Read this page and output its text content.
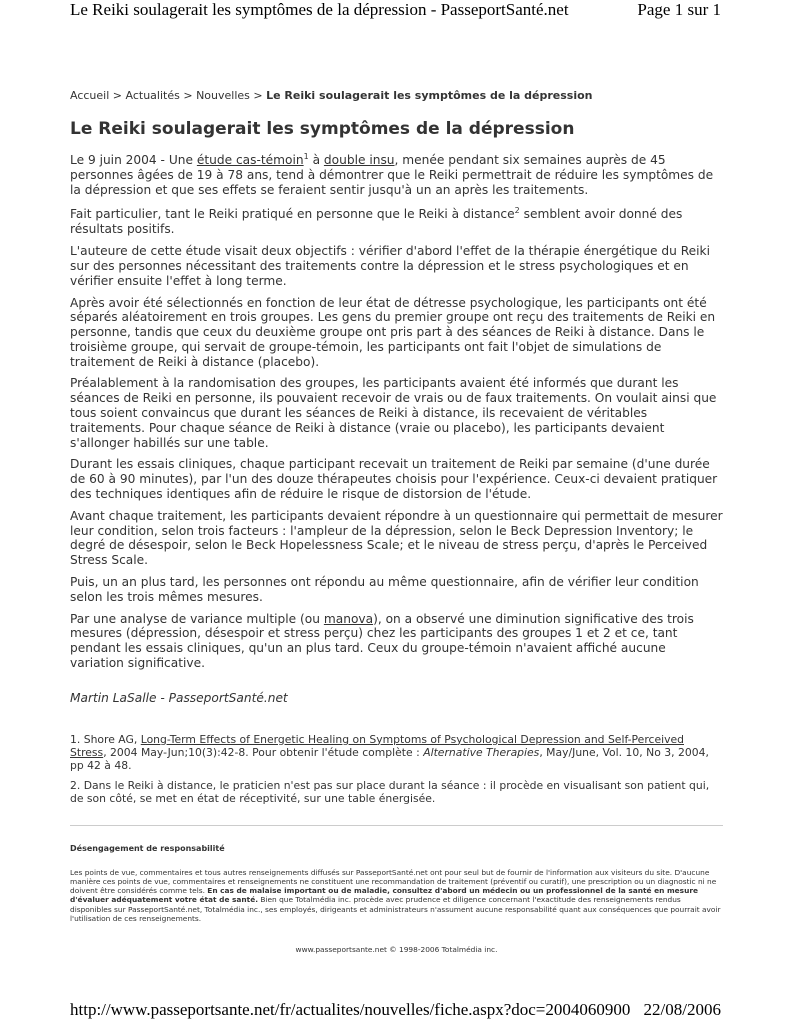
Le Reiki soulagerait les symptômes de la dépression - PasseportSanté.net	Page 1 sur 1
Accueil > Actualités > Nouvelles > Le Reiki soulagerait les symptômes de la dépression
Le Reiki soulagerait les symptômes de la dépression

Le 9 juin 2004 - Une étude cas-témoin$^1$ à double insu, menée pendant six semaines auprès de 45 personnes âgées de 19 à 78 ans, tend à démontrer que le Reiki permettrait de réduire les symptômes de la dépression et que ses effets se feraient sentir jusqu'à un an après les traitements.

Fait particulier, tant le Reiki pratiqué en personne que le Reiki à distance$^2$ semblent avoir donné des résultats positifs.

L'auteure de cette étude visait deux objectifs : vérifier d'abord l'effet de la thérapie énergétique du Reiki sur des personnes nécessitant des traitements contre la dépression et le stress psychologiques et en vérifier ensuite l'effet à long terme.

Après avoir été sélectionnés en fonction de leur état de détresse psychologique, les participants ont été séparés aléatoirement en trois groupes. Les gens du premier groupe ont reçu des traitements de Reiki en personne, tandis que ceux du deuxième groupe ont pris part à des séances de Reiki à distance. Dans le troisième groupe, qui servait de groupe-témoin, les participants ont fait l'objet de simulations de traitement de Reiki à distance (placebo).

Préalablement à la randomisation des groupes, les participants avaient été informés que durant les séances de Reiki en personne, ils pouvaient recevoir de vrais ou de faux traitements. On voulait ainsi que tous soient convaincus que durant les séances de Reiki à distance, ils recevaient de véritables traitements. Pour chaque séance de Reiki à distance (vraie ou placebo), les participants devaient s'allonger habillés sur une table.

Durant les essais cliniques, chaque participant recevait un traitement de Reiki par semaine (d'une durée de 60 à 90 minutes), par l'un des douze thérapeutes choisis pour l'expérience. Ceux-ci devaient pratiquer des techniques identiques afin de réduire le risque de distorsion de l'étude.

Avant chaque traitement, les participants devaient répondre à un questionnaire qui permettait de mesurer leur condition, selon trois facteurs : l'ampleur de la dépression, selon le Beck Depression Inventory; le degré de désespoir, selon le Beck Hopelessness Scale; et le niveau de stress perçu, d'après le Perceived Stress Scale.

Puis, un an plus tard, les personnes ont répondu au même questionnaire, afin de vérifier leur condition selon les trois mêmes mesures.

Par une analyse de variance multiple (ou manova), on a observé une diminution significative des trois mesures (dépression, désespoir et stress perçu) chez les participants des groupes 1 et 2 et ce, tant pendant les essais cliniques, qu'un an plus tard. Ceux du groupe-témoin n'avaient affiché aucune variation significative.

Martin LaSalle - PasseportSanté.net

1. Shore AG, Long-Term Effects of Energetic Healing on Symptoms of Psychological Depression and Self-Perceived Stress, 2004 May-Jun;10(3):42-8. Pour obtenir l'étude complète : Alternative Therapies, May/June, Vol. 10, No 3, 2004, pp 42 à 48.

2. Dans le Reiki à distance, le praticien n'est pas sur place durant la séance : il procède en visualisant son patient qui, de son côté, se met en état de réceptivité, sur une table énergisée.

Désengagement de responsabilité
Les points de vue, commentaires et tous autres renseignements diffusés sur PasseportSanté.net ont pour seul but de fournir de l'information aux visiteurs du site. D'aucune manière ces points de vue, commentaires et renseignements ne constituent une recommandation de traitement (préventif ou curatif), une prescription ou un diagnostic ni ne doivent être considérés comme tels. En cas de malaise important ou de maladie, consultez d'abord un médecin ou un professionnel de la santé en mesure d'évaluer adéquatement votre état de santé. Bien que Totalmédia inc. procède avec prudence et diligence concernant l'exactitude des renseignements rendus disponibles sur PasseportSanté.net, Totalmédia inc., ses employés, dirigeants et administrateurs n'assument aucune responsabilité quant aux conséquences que pourrait avoir l'utilisation de ces renseignements.
www.passeportsante.net © 1998-2006 Totalmédia inc.
http://www.passeportsante.net/fr/actualites/nouvelles/fiche.aspx?doc=2004060900 22/08/2006
